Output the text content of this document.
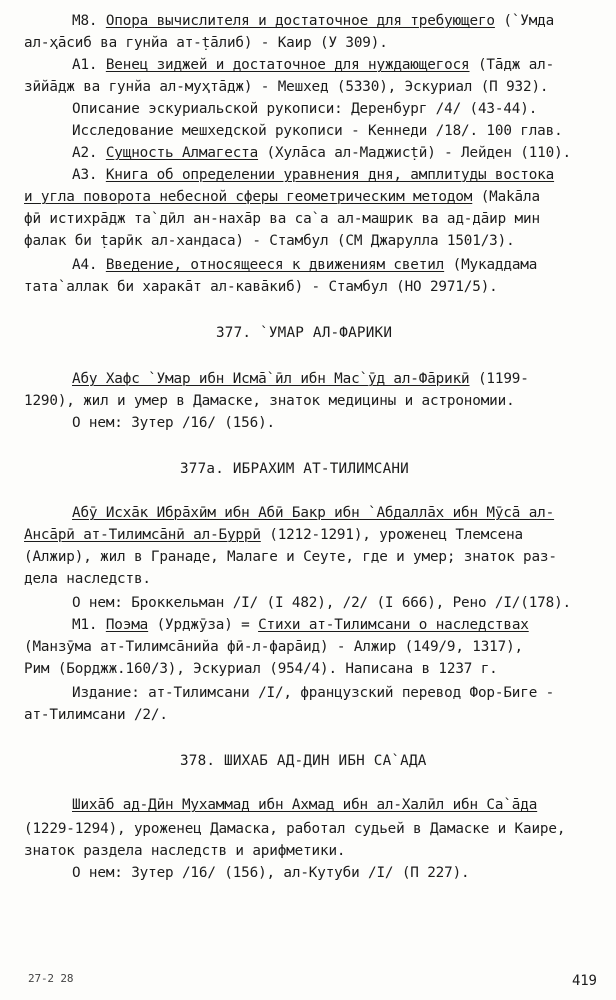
М8. Опора вычислителя и достаточное для требующего (`Умда
ал-ҳāсиб ва гунйа ат-ṭāлиб) - Каир (У 309).
А1. Венец зиджей и достаточное для нуждающегося (Тāдж ал-
зӣйāдж ва гунйа ал-муҳтāдж) - Мешхед (5330), Эскуриал (П 932).
Описание эскуриальской рукописи: Деренбург /4/ (43-44).
Исследование мешхедской рукописи - Кеннеди /18/. 100 глав.
А2. Сущность Алмагеста (Хулāса ал-Маджисṭӣ) - Лейден (110).
А3. Книга об определении уравнения дня, амплитуды востока
и угла поворота небесной сферы геометрическим методом (Маkāла
фӣ истихрāдж та`дӣл ан-нахāр ва са`а ал-машрик ва ад-дāир мин
фалак би ṭарӣк ал-хандаса) - Стамбул (СМ Джарулла 1501/3).
А4. Введение, относящееся к движениям светил (Мукаддама
тата`аллак би харакāт ал-кавāкиб) - Стамбул (НО 2971/5).
377. `УМАР АЛ-ФАРИКИ
Абу Хафс `Умар ибн Исмā`ӣл ибн Мас`ӯд ал-Фāрикӣ (1199-
1290), жил и умер в Дамаске, знаток медицины и астрономии.
О нем: Зутер /16/ (156).
377а. ИБРАХИМ АТ-ТИЛИМСАНИ
Абӯ Исхāк Ибрāхӣм ибн Абӣ Бакр ибн `Абдаллāх ибн Мӯсā ал-
Ансāрӣ ат-Тилимсāнӣ ал-Буррӣ (1212-1291), уроженец Тлемсена
(Алжир), жил в Гранаде, Малаге и Сеуте, где и умер; знаток раз-
дела наследств.
О нем: Броккельман /I/ (I 482), /2/ (I 666), Рено /I/(178).
М1. Поэма (Урджӯза) = Стихи ат-Тилимсани о наследствах
(Манзӯма ат-Тилимсāнийа фӣ-л-фарāид) - Алжир (149/9, 1317),
Рим (Борджж.160/3), Эскуриал (954/4). Написана в 1237 г.
Издание: ат-Тилимсани /I/, французский перевод Фор-Биге -
ат-Тилимсани /2/.
378. ШИХАБ АД-ДИН ИБН СА`АДА
Шихāб ад-Дӣн Мухаммад ибн Ахмад ибн ал-Халӣл ибн Са`āда
(1229-1294), уроженец Дамаска, работал судьей в Дамаске и Каире,
знаток раздела наследств и арифметики.
О нем: Зутер /16/ (156), ал-Кутуби /I/ (П 227).
27-2 28	419
